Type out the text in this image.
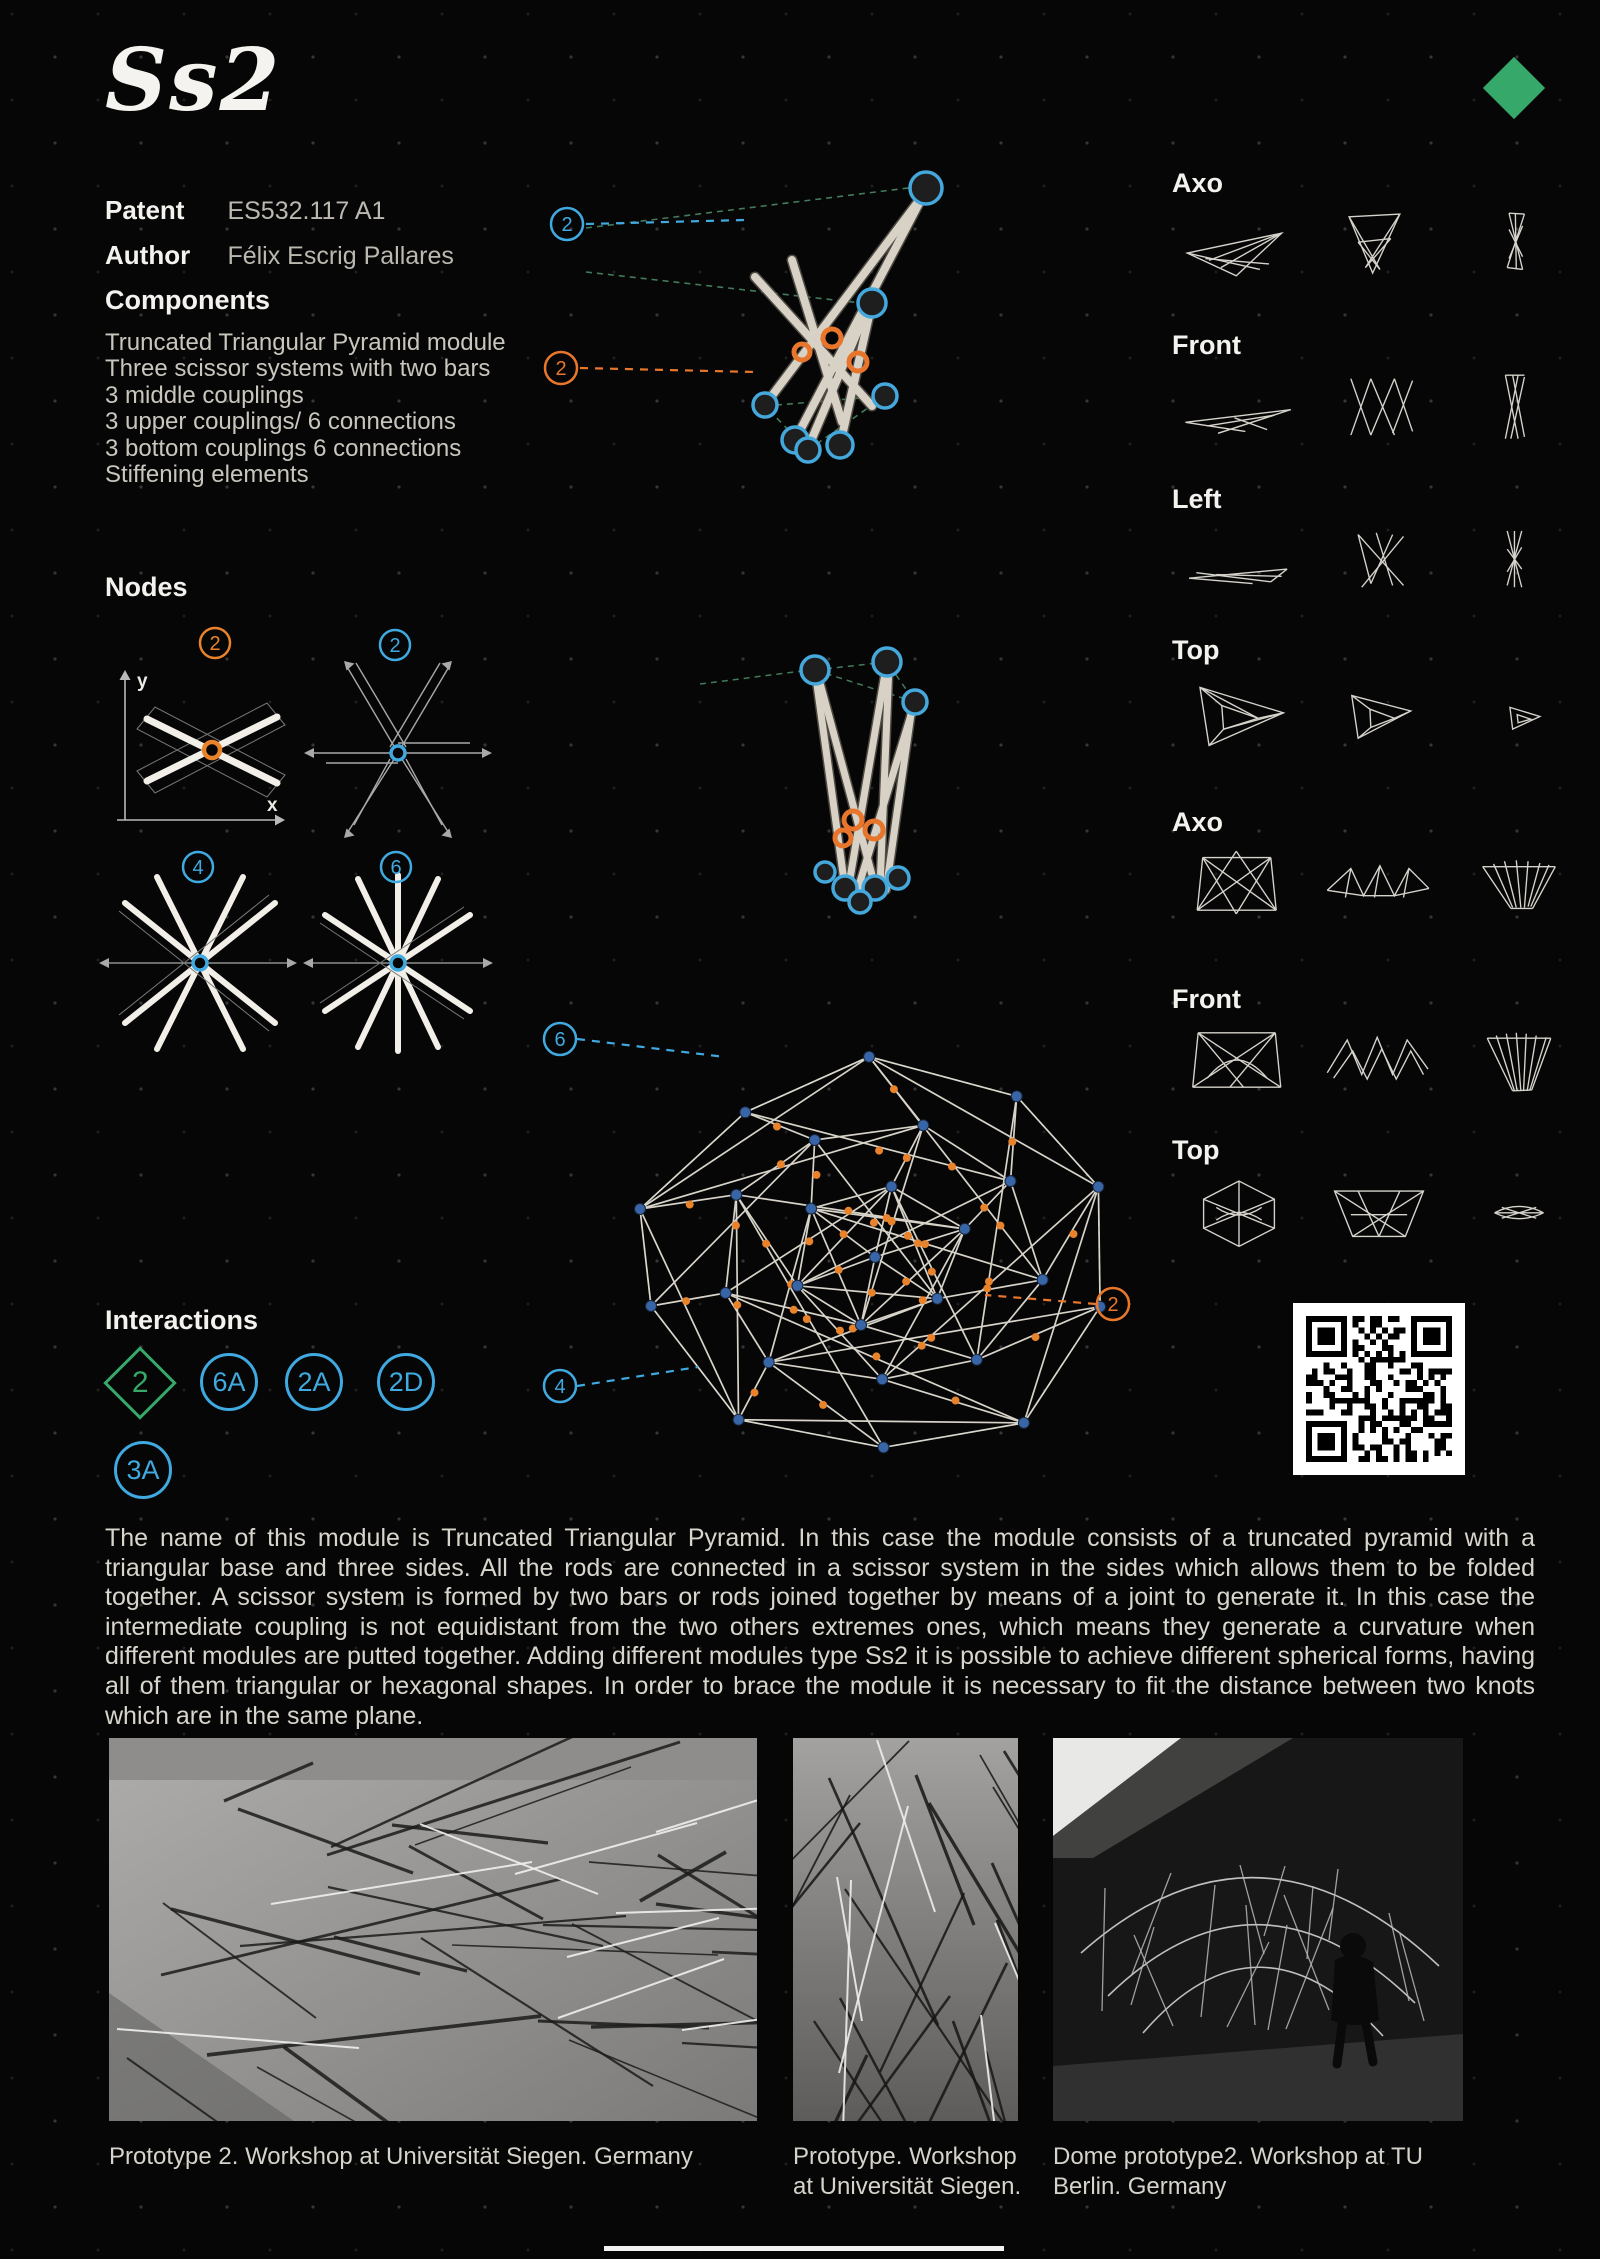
Ss2
Patent ES532.117 A1
Author Félix Escrig Pallares
Components
Truncated Triangular Pyramid module
Three scissor systems with two bars
3 middle couplings
3 upper couplings/ 6 connections
3 bottom couplings 6 connections
Stiffening elements
Nodes
y
x
2	2
4	6
2
2
6
4
2
Axo
Front
Left
Top
Axo
Front
Top
Interactions
2	6A	2A	2D
3A
The name of this module is Truncated Triangular Pyramid. In this case the module consists of a truncated pyramid with a triangular base and three sides. All the rods are connected in a scissor system in the sides which allows them to be folded together. A scissor system is formed by two bars or rods joined together by means of a joint to generate it. In this case the intermediate coupling is not equidistant from the two others extremes ones, which means they generate a curvature when different modules are putted together. Adding different modules type Ss2 it is possible to achieve different spherical forms, having all of them triangular or hexagonal shapes. In order to brace the module it is necessary to fit the distance between two knots which are in the same plane.
Prototype 2. Workshop at Universität Siegen. Germany	Prototype. Workshop at Universität Siegen.
Dome prototype2. Workshop at TU Berlin. Germany
